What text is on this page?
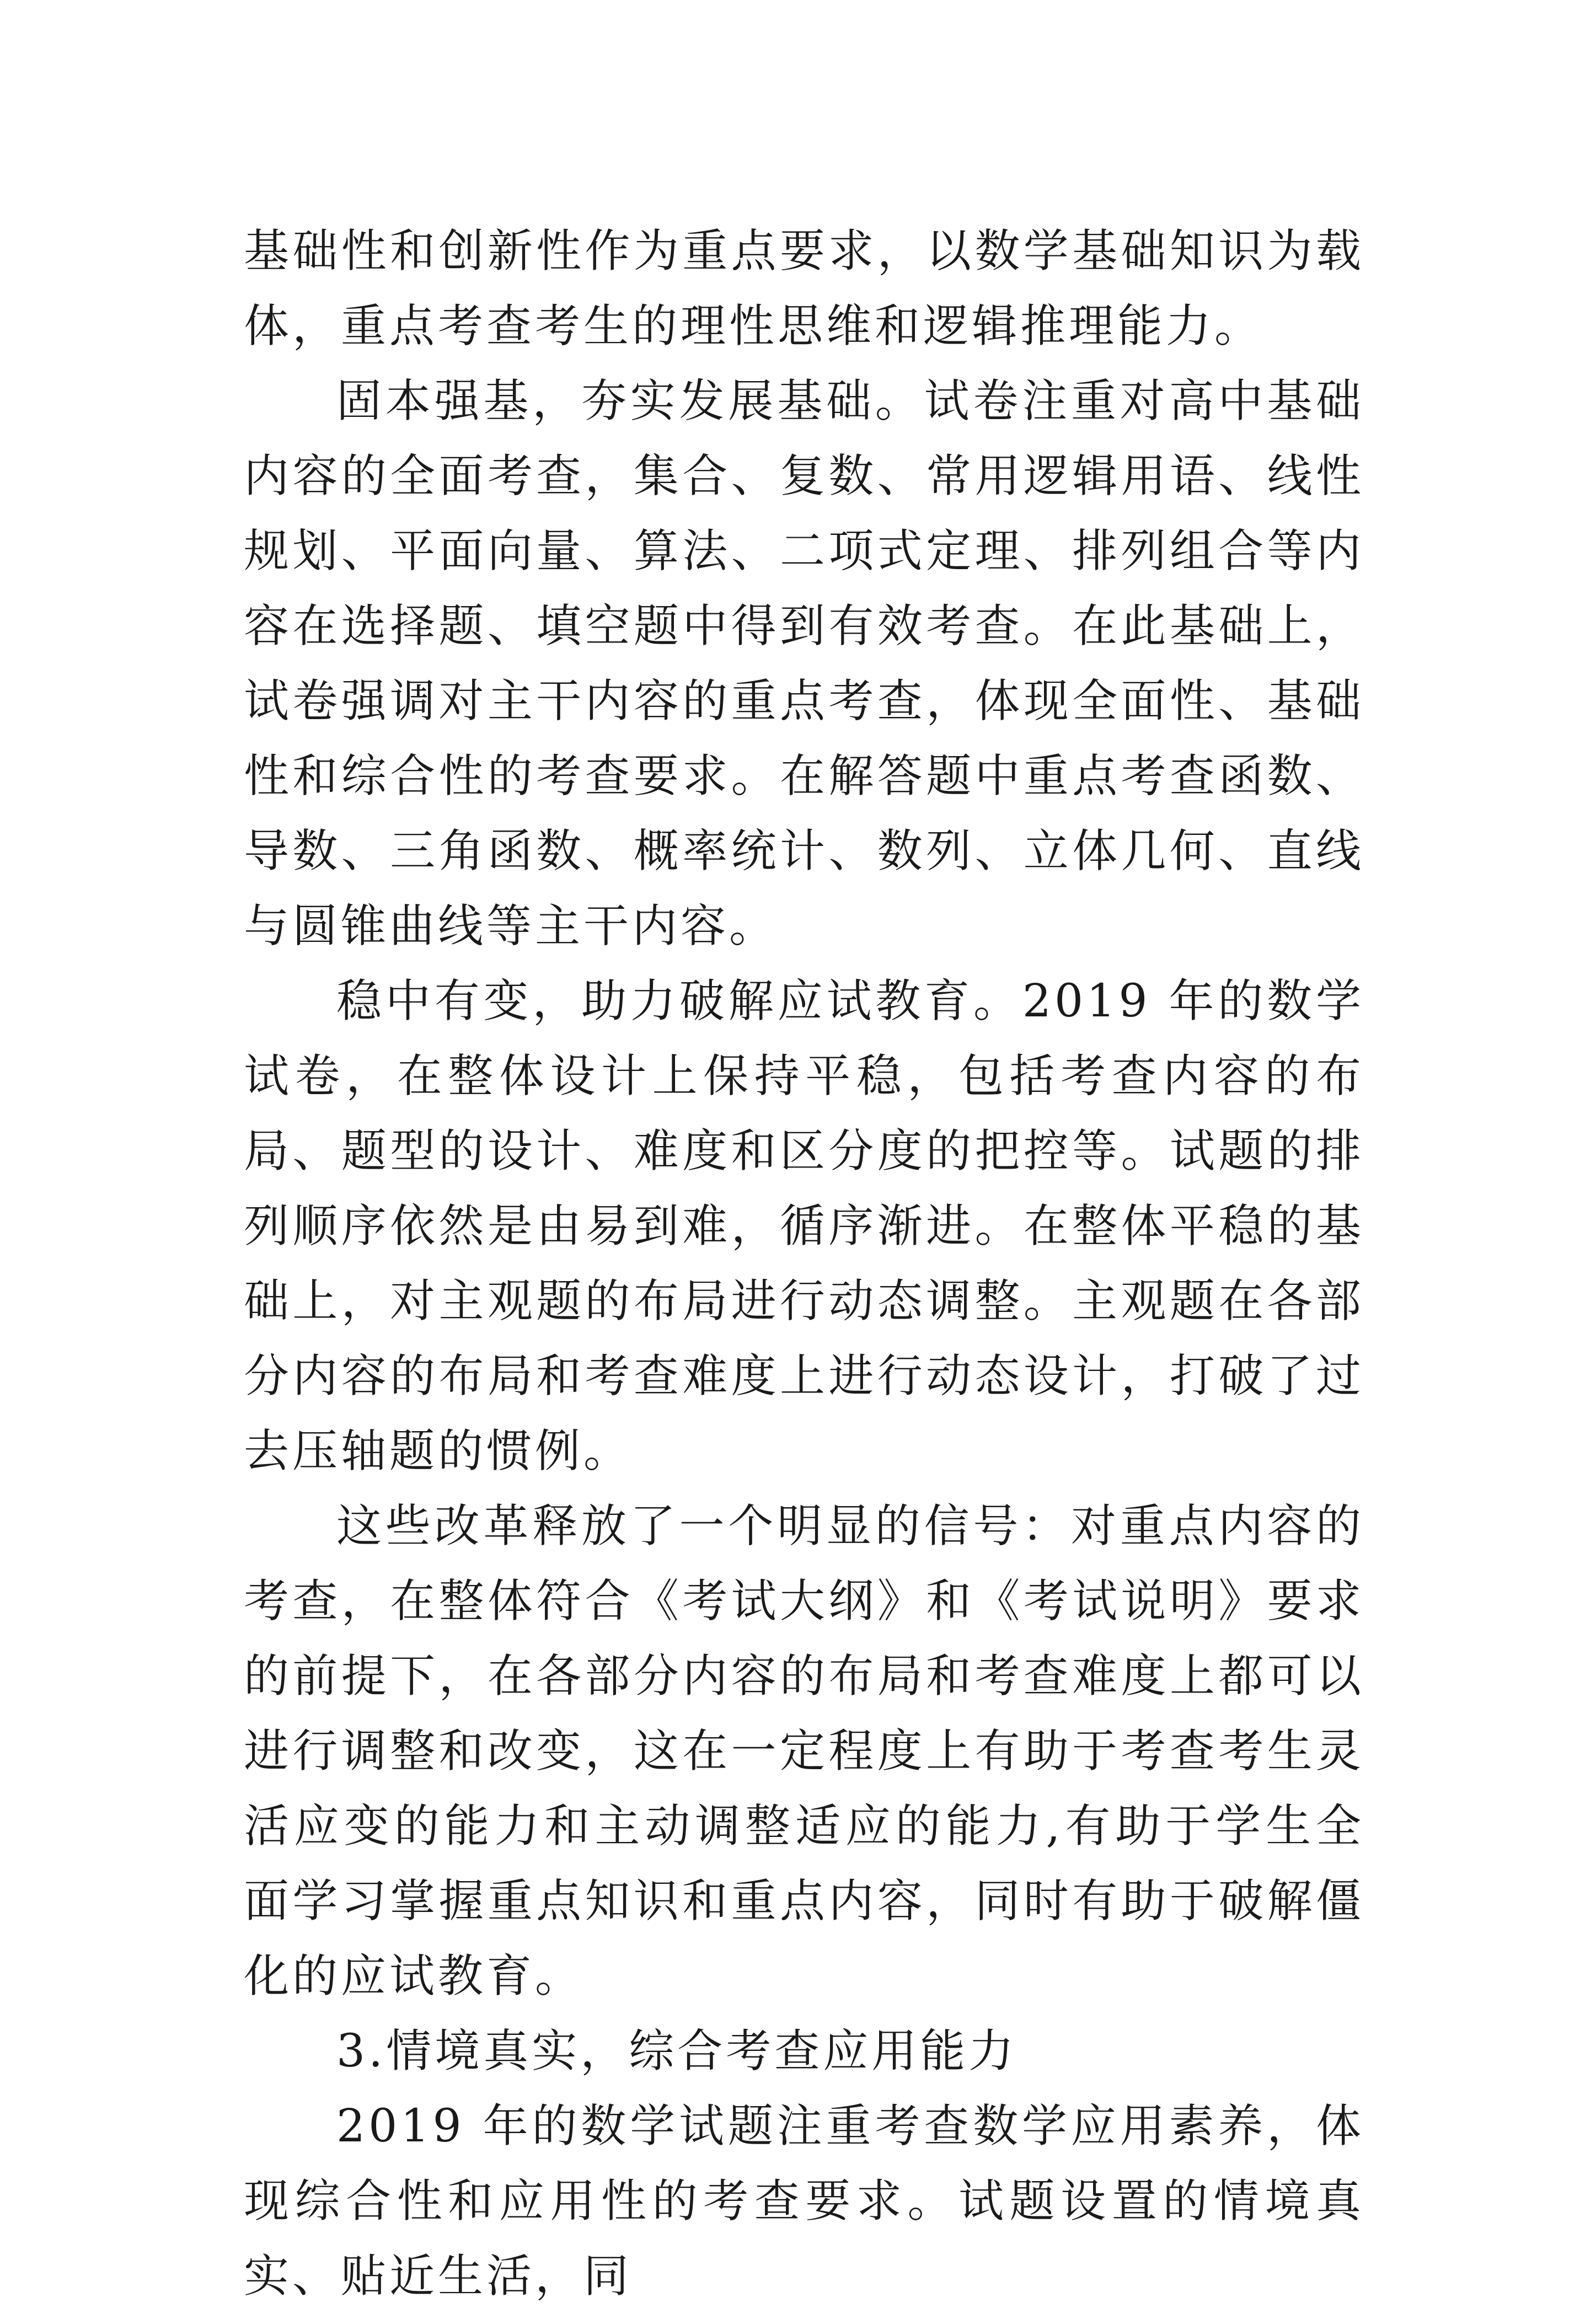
基础性和创新性作为重点要求，以数学基础知识为载体，重点考查考生的理性思维和逻辑推理能力。

固本强基，夯实发展基础。试卷注重对高中基础内容的全面考查，集合、复数、常用逻辑用语、线性规划、平面向量、算法、二项式定理、排列组合等内容在选择题、填空题中得到有效考查。在此基础上，试卷强调对主干内容的重点考查，体现全面性、基础性和综合性的考查要求。在解答题中重点考查函数、导数、三角函数、概率统计、数列、立体几何、直线与圆锥曲线等主干内容。

稳中有变，助力破解应试教育。2019 年的数学试卷，在整体设计上保持平稳，包括考查内容的布局、题型的设计、难度和区分度的把控等。试题的排列顺序依然是由易到难，循序渐进。在整体平稳的基础上，对主观题的布局进行动态调整。主观题在各部分内容的布局和考查难度上进行动态设计，打破了过去压轴题的惯例。

这些改革释放了一个明显的信号：对重点内容的考查，在整体符合《考试大纲》和《考试说明》要求的前提下，在各部分内容的布局和考查难度上都可以进行调整和改变，这在一定程度上有助于考查考生灵活应变的能力和主动调整适应的能力,有助于学生全面学习掌握重点知识和重点内容，同时有助于破解僵化的应试教育。

3.情境真实，综合考查应用能力

2019 年的数学试题注重考查数学应用素养，体现综合性和应用性的考查要求。试题设置的情境真实、贴近生活，同
